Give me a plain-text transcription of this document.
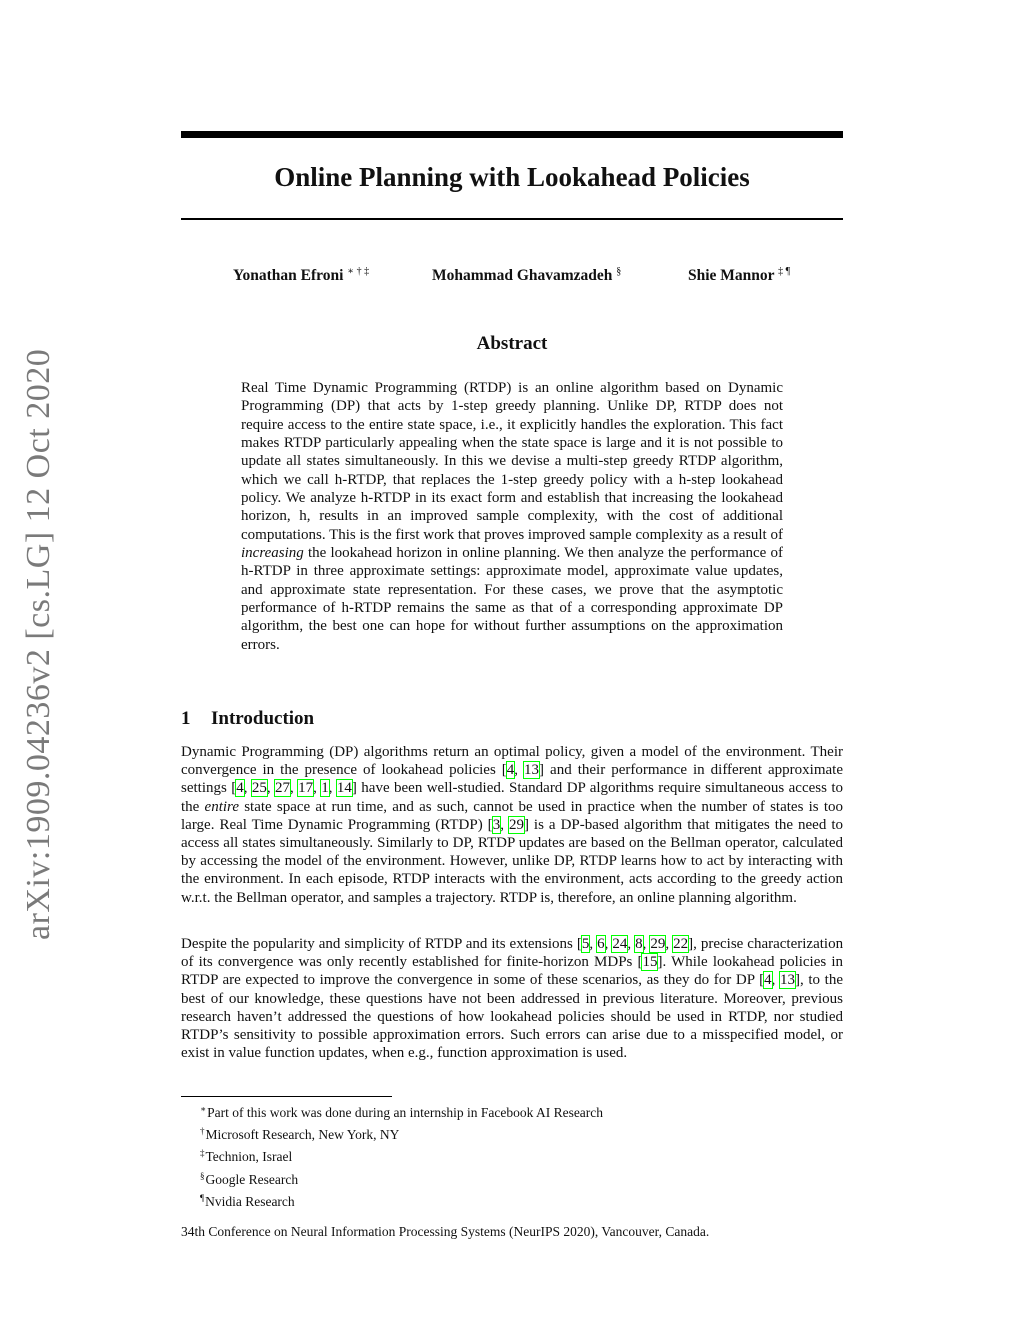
arXiv:1909.04236v2 [cs.LG] 12 Oct 2020
Online Planning with Lookahead Policies
Yonathan Efroni ∗ † ‡	Mohammad Ghavamzadeh §	Shie Mannor ‡ ¶
Abstract

Real Time Dynamic Programming (RTDP) is an online algorithm based on Dynamic Programming (DP) that acts by 1-step greedy planning. Unlike DP, RTDP does not require access to the entire state space, i.e., it explicitly handles the exploration. This fact makes RTDP particularly appealing when the state space is large and it is not possible to update all states simultaneously. In this we devise a multi-step greedy RTDP algorithm, which we call h-RTDP, that replaces the 1-step greedy policy with a h-step lookahead policy. We analyze h-RTDP in its exact form and establish that increasing the lookahead horizon, h, results in an improved sample complexity, with the cost of additional computations. This is the first work that proves improved sample complexity as a result of increasing the lookahead horizon in online planning. We then analyze the performance of h-RTDP in three approximate settings: approximate model, approximate value updates, and approximate state representation. For these cases, we prove that the asymptotic performance of h-RTDP remains the same as that of a corresponding approximate DP algorithm, the best one can hope for without further assumptions on the approximation errors.

1 Introduction

Dynamic Programming (DP) algorithms return an optimal policy, given a model of the environment. Their convergence in the presence of lookahead policies [4, 13] and their performance in different approximate settings [4, 25, 27, 17, 1, 14] have been well-studied. Standard DP algorithms require simultaneous access to the entire state space at run time, and as such, cannot be used in practice when the number of states is too large. Real Time Dynamic Programming (RTDP) [3, 29] is a DP-based algorithm that mitigates the need to access all states simultaneously. Similarly to DP, RTDP updates are based on the Bellman operator, calculated by accessing the model of the environment. However, unlike DP, RTDP learns how to act by interacting with the environment. In each episode, RTDP interacts with the environment, acts according to the greedy action w.r.t. the Bellman operator, and samples a trajectory. RTDP is, therefore, an online planning algorithm.

Despite the popularity and simplicity of RTDP and its extensions [5, 6, 24, 8, 29, 22], precise characterization of its convergence was only recently established for finite-horizon MDPs [15]. While lookahead policies in RTDP are expected to improve the convergence in some of these scenarios, as they do for DP [4, 13], to the best of our knowledge, these questions have not been addressed in previous literature. Moreover, previous research haven’t addressed the questions of how lookahead policies should be used in RTDP, nor studied RTDP’s sensitivity to possible approximation errors. Such errors can arise due to a misspecified model, or exist in value function updates, when e.g., function approximation is used.

∗Part of this work was done during an internship in Facebook AI Research
†Microsoft Research, New York, NY
‡Technion, Israel
§Google Research
¶Nvidia Research

34th Conference on Neural Information Processing Systems (NeurIPS 2020), Vancouver, Canada.
